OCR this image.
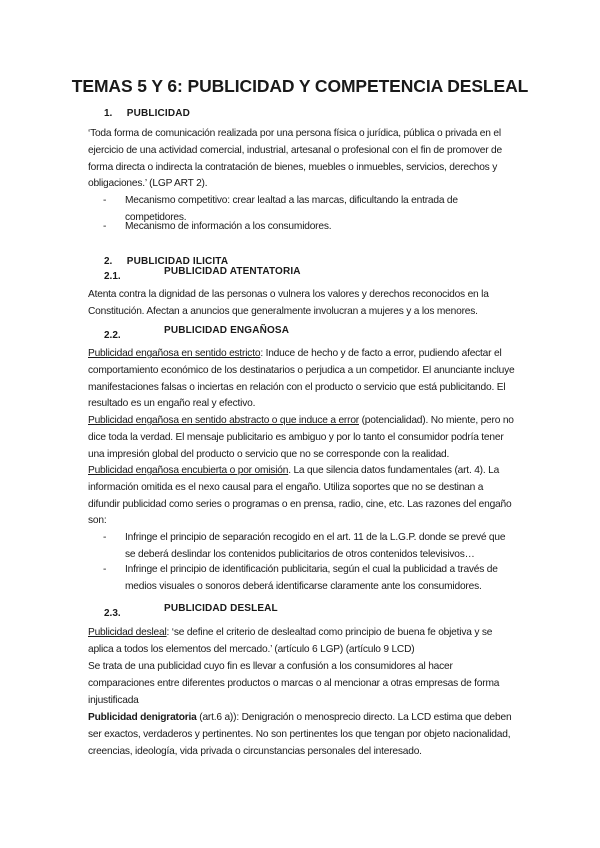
TEMAS 5 Y 6: PUBLICIDAD Y COMPETENCIA DESLEAL
1. PUBLICIDAD

‘Toda forma de comunicación realizada por una persona física o jurídica, pública o privada en el ejercicio de una actividad comercial, industrial, artesanal o profesional con el fin de promover de forma directa o indirecta la contratación de bienes, muebles o inmuebles, servicios, derechos y obligaciones.’ (LGP ART 2).

-	Mecanismo competitivo: crear lealtad a las marcas, dificultando la entrada de competidores.
-	Mecanismo de información a los consumidores.
2. PUBLICIDAD ILICITA
2.1.	PUBLICIDAD ATENTATORIA

Atenta contra la dignidad de las personas o vulnera los valores y derechos reconocidos en la Constitución. Afectan a anuncios que generalmente involucran a mujeres y a los menores.

2.2.	PUBLICIDAD ENGAÑOSA

Publicidad engañosa en sentido estricto: Induce de hecho y de facto a error, pudiendo afectar el comportamiento económico de los destinatarios o perjudica a un competidor. El anunciante incluye manifestaciones falsas o inciertas en relación con el producto o servicio que está publicitando. El resultado es un engaño real y efectivo.

Publicidad engañosa en sentido abstracto o que induce a error (potencialidad). No miente, pero no dice toda la verdad. El mensaje publicitario es ambiguo y por lo tanto el consumidor podría tener una impresión global del producto o servicio que no se corresponde con la realidad.

Publicidad engañosa encubierta o por omisión. La que silencia datos fundamentales (art. 4). La información omitida es el nexo causal para el engaño. Utiliza soportes que no se destinan a difundir publicidad como series o programas o en prensa, radio, cine, etc. Las razones del engaño son:

-	Infringe el principio de separación recogido en el art. 11 de la L.G.P. donde se prevé que se deberá deslindar los contenidos publicitarios de otros contenidos televisivos…
-	Infringe el principio de identificación publicitaria, según el cual la publicidad a través de medios visuales o sonoros deberá identificarse claramente ante los consumidores.
2.3.	PUBLICIDAD DESLEAL

Publicidad desleal: ‘se define el criterio de deslealtad como principio de buena fe objetiva y se aplica a todos los elementos del mercado.’ (artículo 6 LGP) (artículo 9 LCD)

Se trata de una publicidad cuyo fin es llevar a confusión a los consumidores al hacer comparaciones entre diferentes productos o marcas o al mencionar a otras empresas de forma injustificada

Publicidad denigratoria (art.6 a)): Denigración o menosprecio directo. La LCD estima que deben ser exactos, verdaderos y pertinentes. No son pertinentes los que tengan por objeto nacionalidad, creencias, ideología, vida privada o circunstancias personales del interesado.
